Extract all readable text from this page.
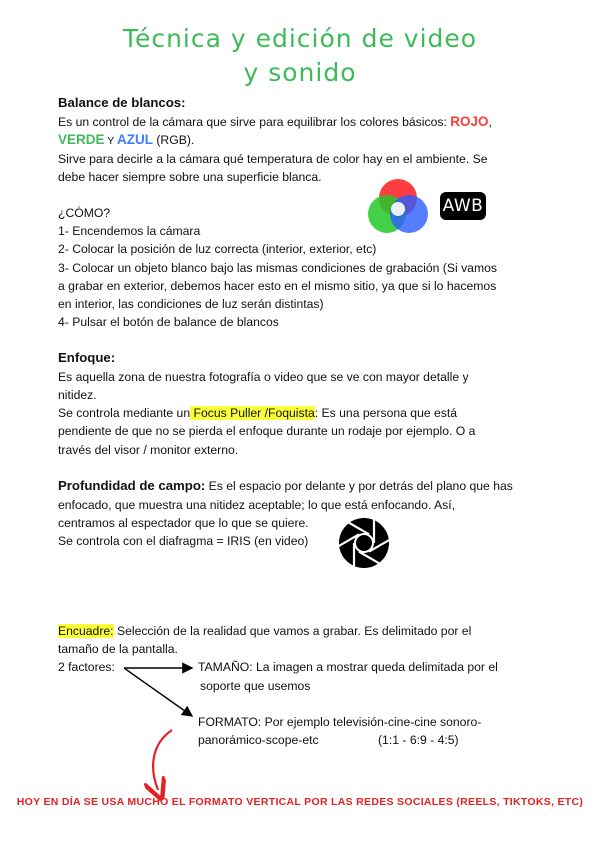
Técnica y edición de video
y sonido
Balance de blancos:
Es un control de la cámara que sirve para equilibrar los colores básicos: ROJO,
VERDE Y AZUL (RGB).
Sirve para decirle a la cámara qué temperatura de color hay en el ambiente. Se
debe hacer siempre sobre una superficie blanca.
¿CÓMO?
1- Encendemos la cámara
2- Colocar la posición de luz correcta (interior, exterior, etc)
3- Colocar un objeto blanco bajo las mismas condiciones de grabación (Si vamos
a grabar en exterior, debemos hacer esto en el mismo sitio, ya que si lo hacemos
en interior, las condiciones de luz serán distintas)
4- Pulsar el botón de balance de blancos
AWB
Enfoque:
Es aquella zona de nuestra fotografía o video que se ve con mayor detalle y
nitidez.
Se controla mediante un Focus Puller /Foquista: Es una persona que está
pendiente de que no se pierda el enfoque durante un rodaje por ejemplo. O a
través del visor / monitor externo.
Profundidad de campo: Es el espacio por delante y por detrás del plano que has
enfocado, que muestra una nitidez aceptable; lo que está enfocando. Así,
centramos al espectador que lo que se quiere.
Se controla con el diafragma = IRIS (en video)
Encuadre: Selección de la realidad que vamos a grabar. Es delimitado por el
tamaño de la pantalla.
2 factores:	TAMAÑO: La imagen a mostrar queda delimitada por el
soporte que usemos
FORMATO: Por ejemplo televisión-cine-cine sonoro-
panorámico-scope-etc	(1:1 - 6:9 - 4:5)
HOY EN DÍA SE USA MUCHO EL FORMATO VERTICAL POR LAS REDES SOCIALES (REELS, TIKTOKS, ETC)
